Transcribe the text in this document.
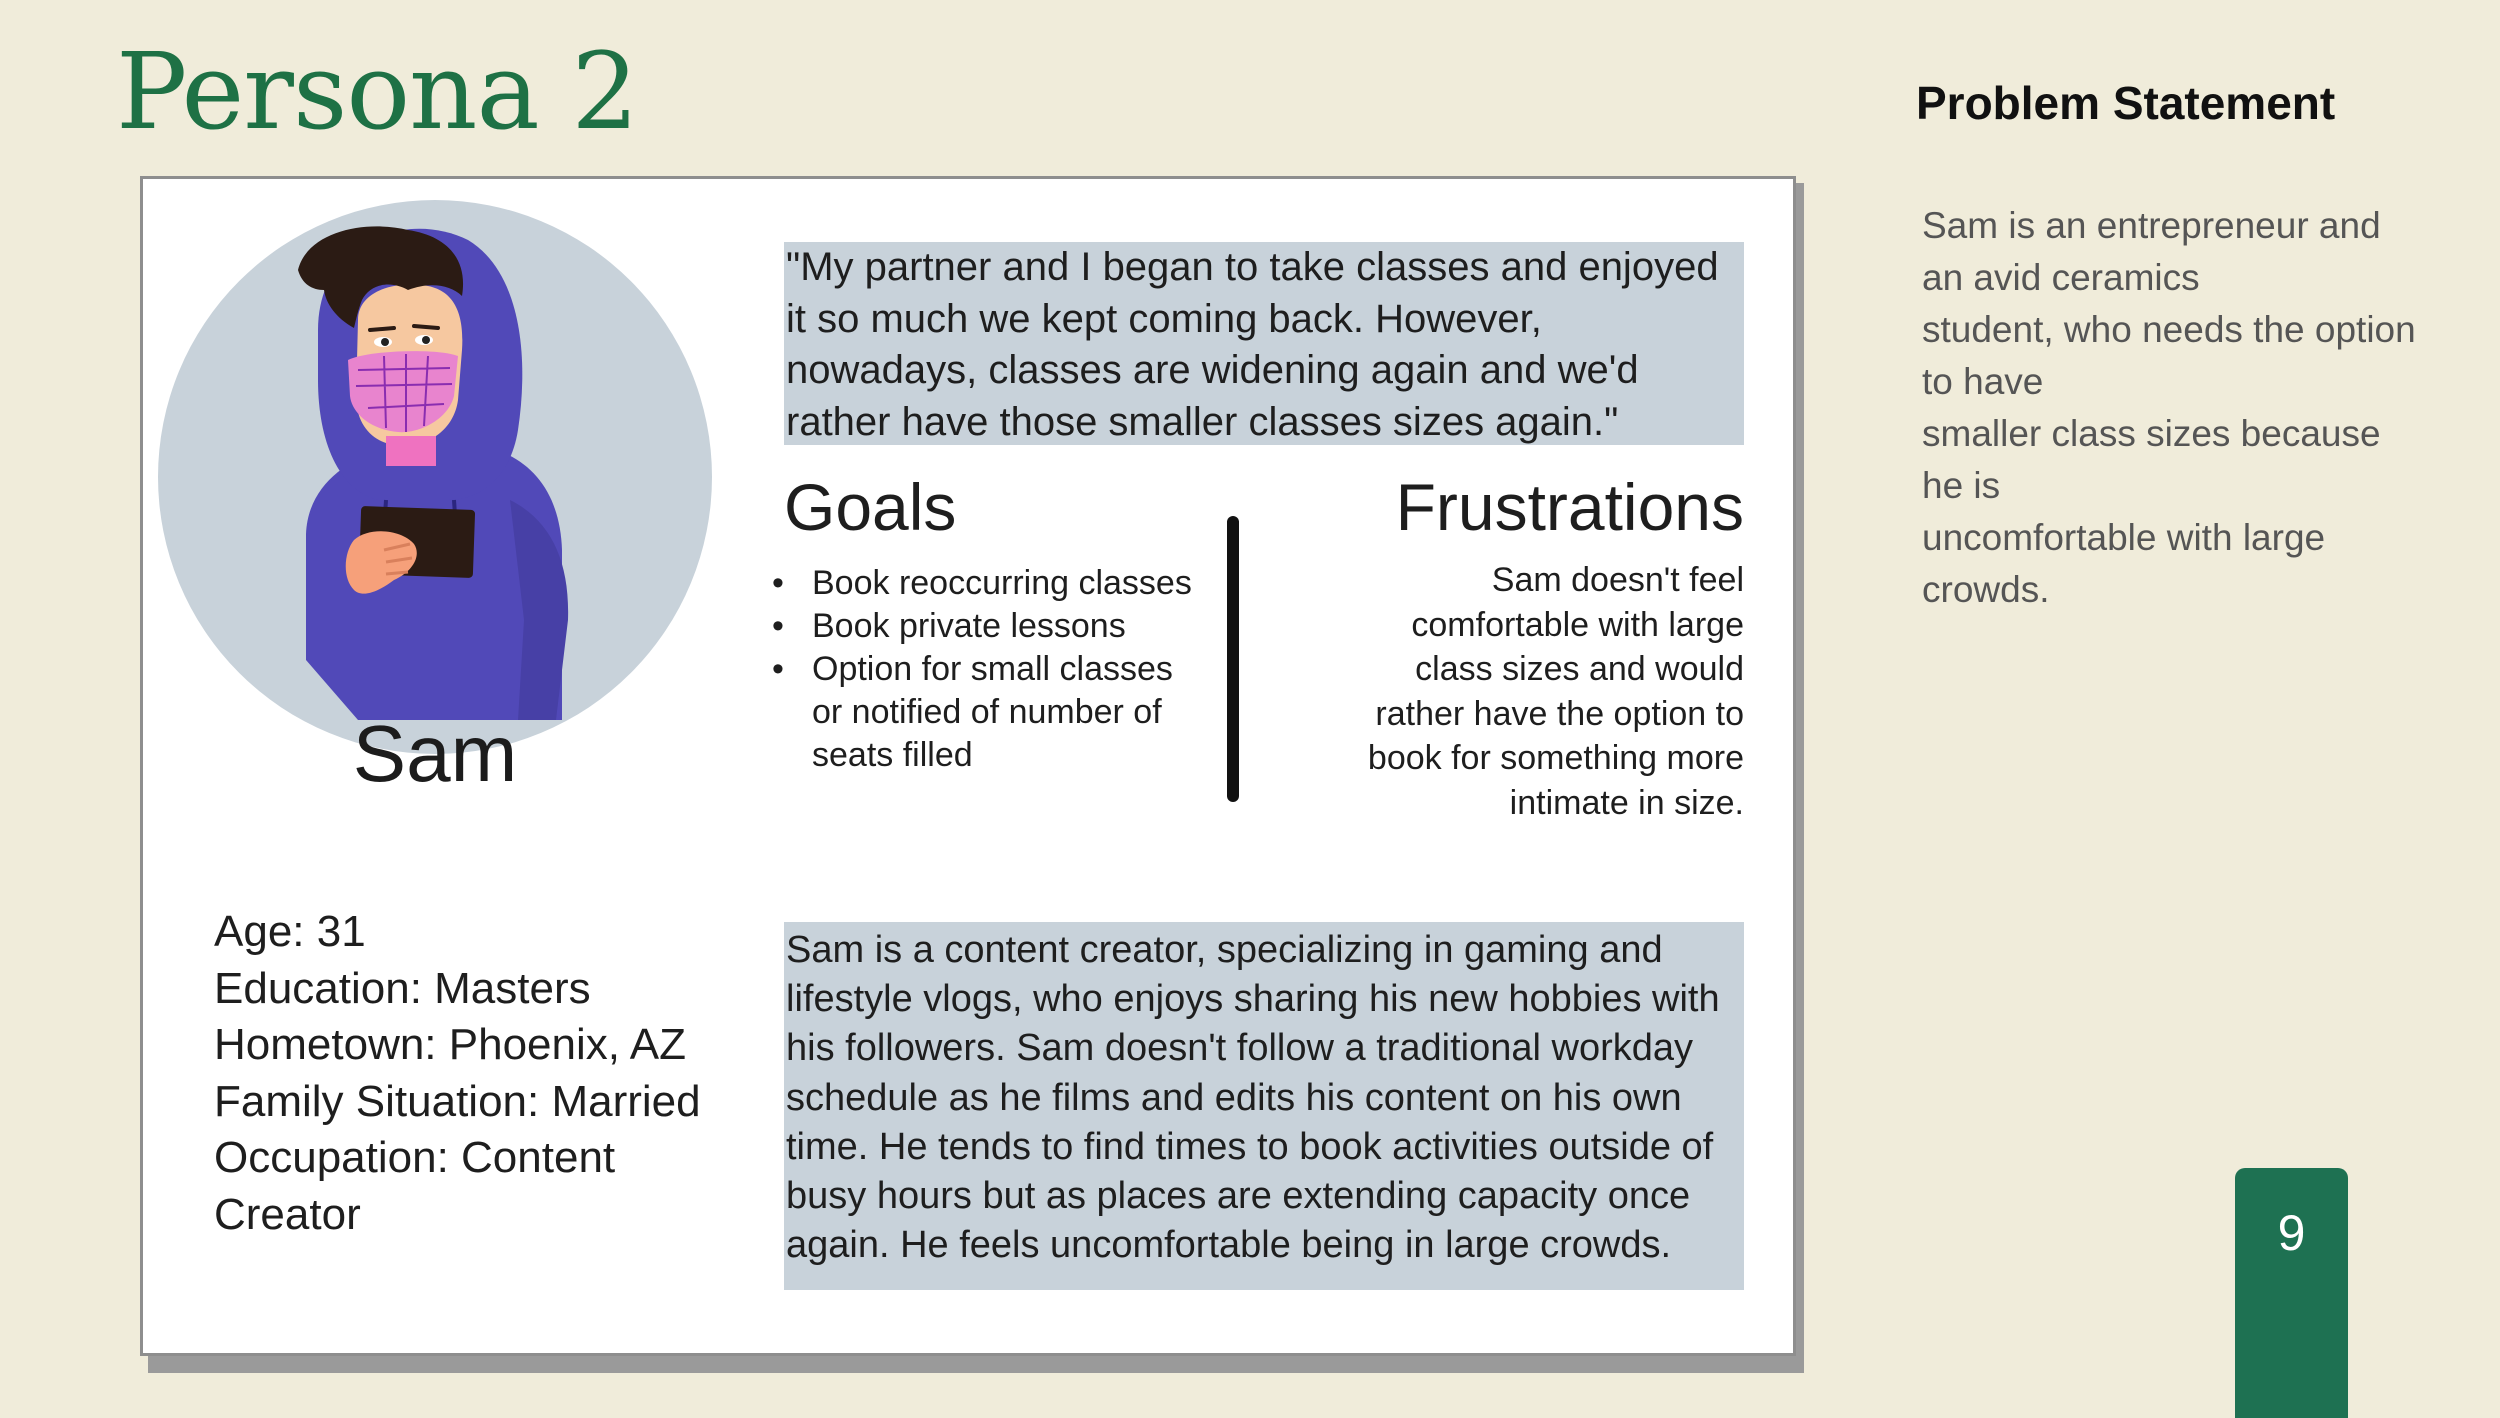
Persona 2
Sam
"My partner and I began to take classes and enjoyed it so much we kept coming back. However, nowadays, classes are widening again and we'd rather have those smaller classes sizes again."
Goals
• Book reoccurring classes
• Book private lessons
• Option for small classes or notified of number of seats filled
Frustrations
Sam doesn't feel comfortable with large class sizes and would rather have the option to book for something more intimate in size.
Age: 31
Education: Masters
Hometown: Phoenix, AZ
Family Situation: Married
Occupation: Content Creator
Sam is a content creator, specializing in gaming and lifestyle vlogs, who enjoys sharing his new hobbies with his followers. Sam doesn't follow a traditional workday schedule as he films and edits his content on his own time. He tends to find times to book activities outside of busy hours but as places are extending capacity once again. He feels uncomfortable being in large crowds.
Problem Statement
Sam is an entrepreneur and
an avid ceramics
student, who needs the option
to have
smaller class sizes because
he is
uncomfortable with large
crowds.
9
